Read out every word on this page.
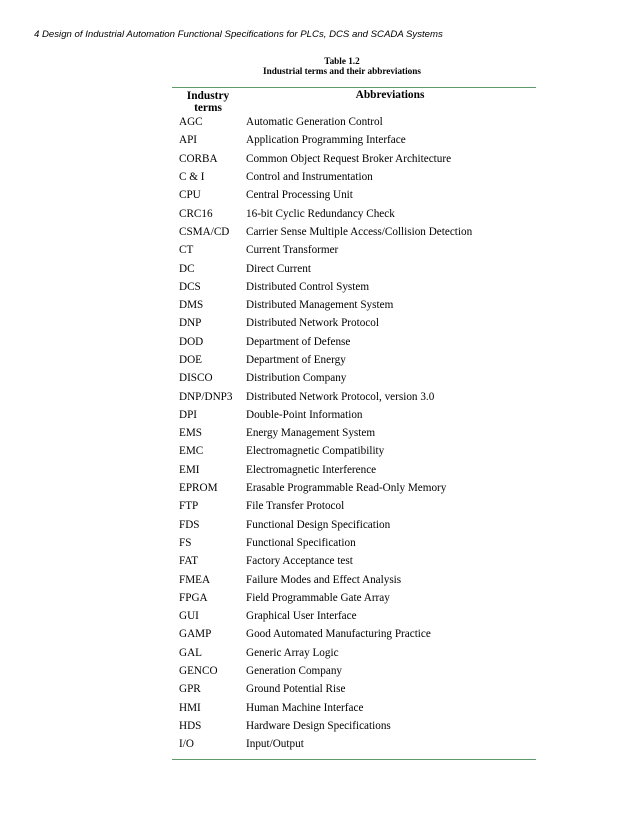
4 Design of Industrial Automation Functional Specifications for PLCs, DCS and SCADA Systems
Table 1.2
Industrial terms and their abbreviations
Industry terms
Abbreviations
AGC	Automatic Generation Control
API	Application Programming Interface
CORBA	Common Object Request Broker Architecture
C & I	Control and Instrumentation
CPU	Central Processing Unit
CRC16	16-bit Cyclic Redundancy Check
CSMA/CD	Carrier Sense Multiple Access/Collision Detection
CT	Current Transformer
DC	Direct Current
DCS	Distributed Control System
DMS	Distributed Management System
DNP	Distributed Network Protocol
DOD	Department of Defense
DOE	Department of Energy
DISCO	Distribution Company
DNP/DNP3	Distributed Network Protocol, version 3.0
DPI	Double-Point Information
EMS	Energy Management System
EMC	Electromagnetic Compatibility
EMI	Electromagnetic Interference
EPROM	Erasable Programmable Read-Only Memory
FTP	File Transfer Protocol
FDS	Functional Design Specification
FS	Functional Specification
FAT	Factory Acceptance test
FMEA	Failure Modes and Effect Analysis
FPGA	Field Programmable Gate Array
GUI	Graphical User Interface
GAMP	Good Automated Manufacturing Practice
GAL	Generic Array Logic
GENCO	Generation Company
GPR	Ground Potential Rise
HMI	Human Machine Interface
HDS	Hardware Design Specifications
I/O	Input/Output
